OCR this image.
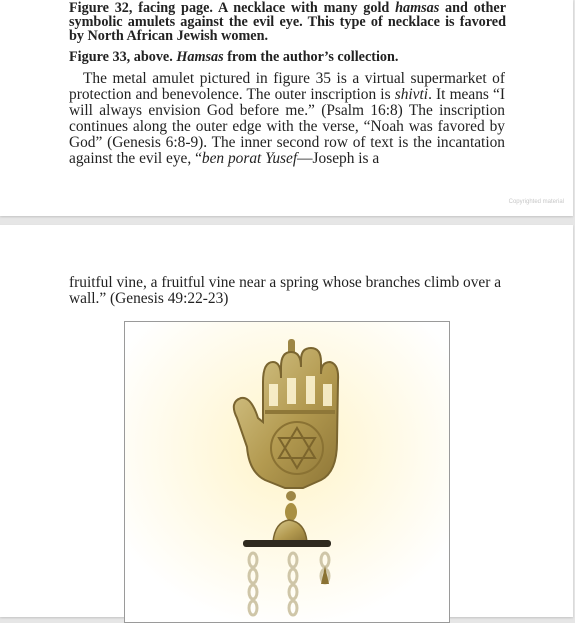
Figure 32, facing page. A necklace with many gold hamsas and other symbolic amulets against the evil eye. This type of necklace is favored by North African Jewish women.

Figure 33, above. Hamsas from the author’s collection.

The metal amulet pictured in figure 35 is a virtual supermarket of protection and benevolence. The outer inscription is shivti. It means “I will always envision God before me.” (Psalm 16:8) The inscription continues along the outer edge with the verse, “Noah was favored by God” (Genesis 6:8-9). The inner second row of text is the incantation against the evil eye, “ben porat Yusef—Joseph is a

Copyrighted material

fruitful vine, a fruitful vine near a spring whose branches climb over a wall.” (Genesis 49:22-23)
